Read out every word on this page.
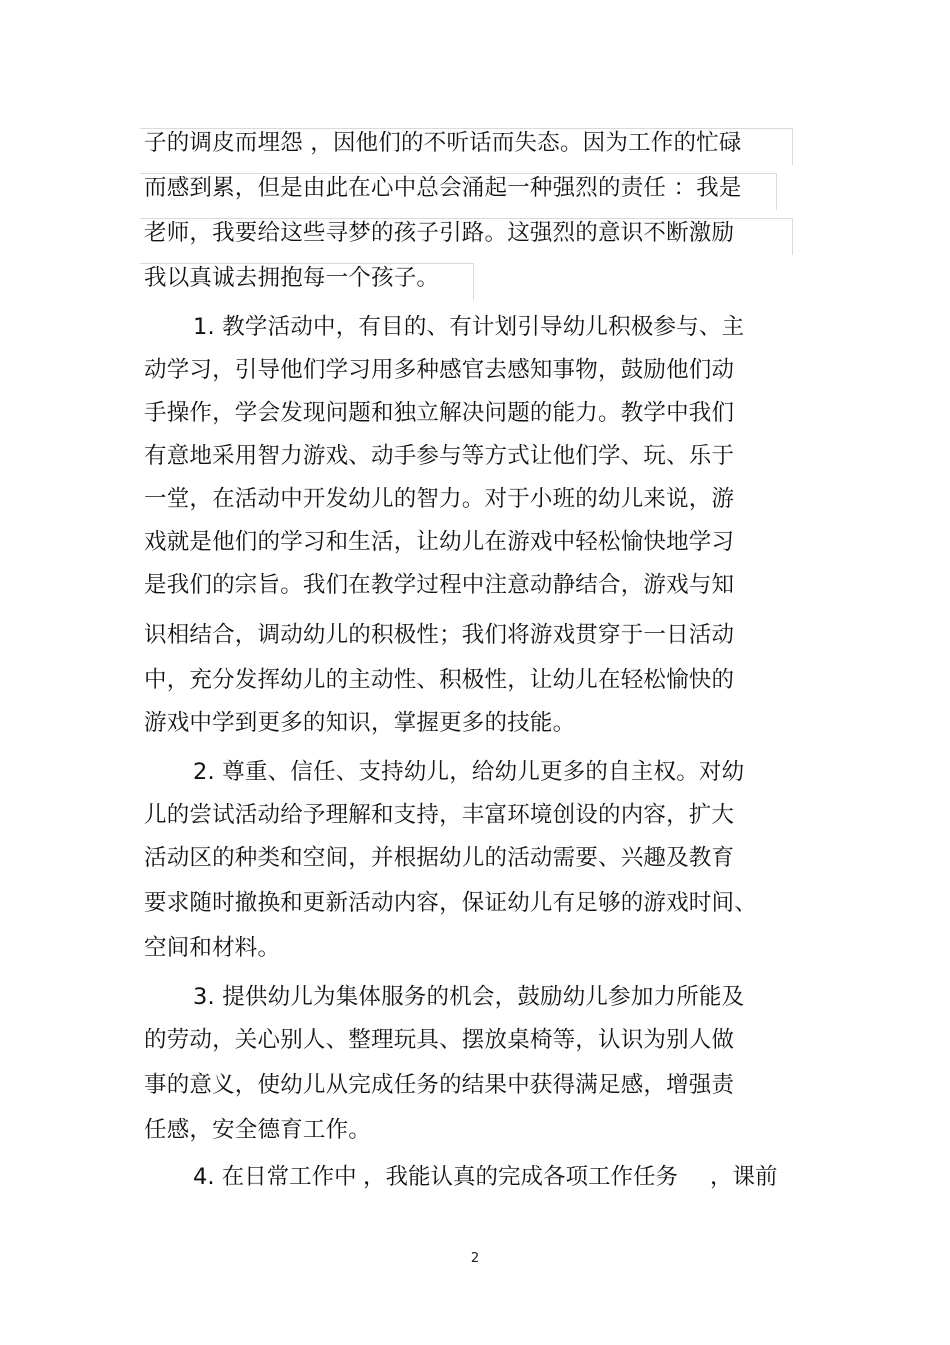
子的调皮而埋怨 ，因他们的不听话而失态。因为工作的忙碌
而感到累，但是由此在心中总会涌起一种强烈的责任 ：我是
老师，我要给这些寻梦的孩子引路。这强烈的意识不断激励
我以真诚去拥抱每一个孩子。
1. 教学活动中，有目的、有计划引导幼儿积极参与、主
动学习，引导他们学习用多种感官去感知事物，鼓励他们动
手操作，学会发现问题和独立解决问题的能力。教学中我们
有意地采用智力游戏、动手参与等方式让他们学、玩、乐于
一堂，在活动中开发幼儿的智力。对于小班的幼儿来说，游
戏就是他们的学习和生活，让幼儿在游戏中轻松愉快地学习
是我们的宗旨。我们在教学过程中注意动静结合，游戏与知
识相结合，调动幼儿的积极性；我们将游戏贯穿于一日活动
中，充分发挥幼儿的主动性、积极性，让幼儿在轻松愉快的
游戏中学到更多的知识，掌握更多的技能。
2. 尊重、信任、支持幼儿，给幼儿更多的自主权。对幼
儿的尝试活动给予理解和支持，丰富环境创设的内容，扩大
活动区的种类和空间，并根据幼儿的活动需要、兴趣及教育
要求随时撤换和更新活动内容，保证幼儿有足够的游戏时间、
空间和材料。
3. 提供幼儿为集体服务的机会，鼓励幼儿参加力所能及
的劳动，关心别人、整理玩具、摆放桌椅等，认识为别人做
事的意义，使幼儿从完成任务的结果中获得满足感，增强责
任感，安全德育工作。
4. 在日常工作中 ，我能认真的完成各项工作任务 ，课前
2
